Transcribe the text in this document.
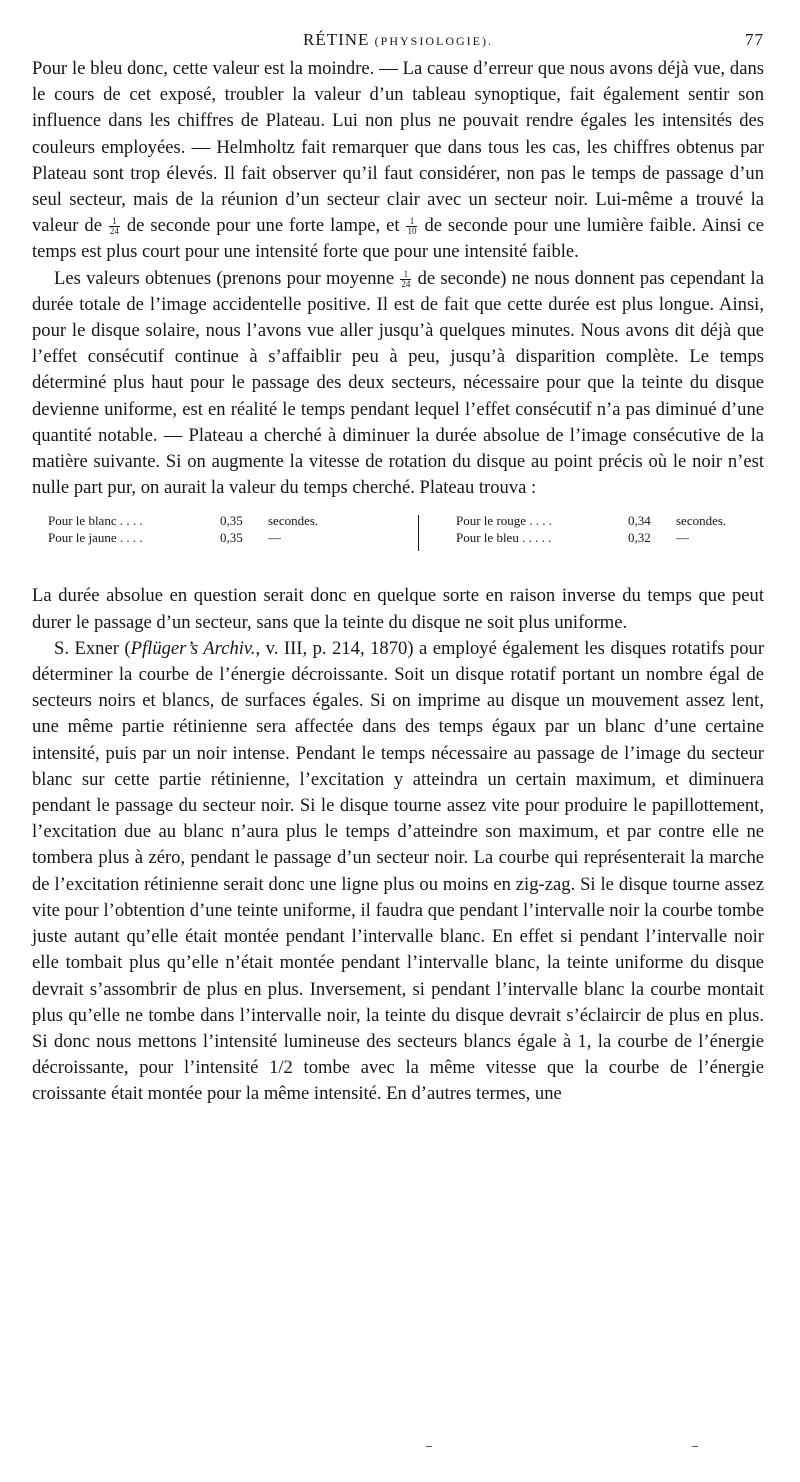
RÉTINE (PHYSIOLOGIE).	77

Pour le bleu donc, cette valeur est la moindre. — La cause d’erreur que nous avons déjà vue, dans le cours de cet exposé, troubler la valeur d’un tableau synoptique, fait également sentir son influence dans les chiffres de Plateau. Lui non plus ne pouvait rendre égales les intensités des couleurs employées. — Helmholtz fait remarquer que dans tous les cas, les chiffres obtenus par Plateau sont trop élevés. Il fait observer qu’il faut considérer, non pas le temps de passage d’un seul secteur, mais de la réunion d’un secteur clair avec un secteur noir. Lui-même a trouvé la valeur de $\frac{1}{24}$ de seconde pour une forte lampe, et $\frac{1}{10}$ de seconde pour une lumière faible. Ainsi ce temps est plus court pour une intensité forte que pour une intensité faible.

Les valeurs obtenues (prenons pour moyenne $\frac{1}{24}$ de seconde) ne nous donnent pas cependant la durée totale de l’image accidentelle positive. Il est de fait que cette durée est plus longue. Ainsi, pour le disque solaire, nous l’avons vue aller jusqu’à quelques minutes. Nous avons dit déjà que l’effet consécutif continue à s’affaiblir peu à peu, jusqu’à disparition complète. Le temps déterminé plus haut pour le passage des deux secteurs, nécessaire pour que la teinte du disque devienne uniforme, est en réalité le temps pendant lequel l’effet consécutif n’a pas diminué d’une quantité notable. — Plateau a cherché à diminuer la durée absolue de l’image consécutive de la matière suivante. Si on augmente la vitesse de rotation du disque au point précis où le noir n’est nulle part pur, on aurait la valeur du temps cherché. Plateau trouva :

Pour le blanc . . . .	0,35 secondes.
Pour le jaune . . . .	0,35 —
Pour le rouge . . . .	0,34 secondes.
Pour le bleu . . . . .	0,32 —

La durée absolue en question serait donc en quelque sorte en raison inverse du temps que peut durer le passage d’un secteur, sans que la teinte du disque ne soit plus uniforme.

S. Exner (Pflüger’s Archiv., v. III, p. 214, 1870) a employé également les disques rotatifs pour déterminer la courbe de l’énergie décroissante. Soit un disque rotatif portant un nombre égal de secteurs noirs et blancs, de surfaces égales. Si on imprime au disque un mouvement assez lent, une même partie rétinienne sera affectée dans des temps égaux par un blanc d’une certaine intensité, puis par un noir intense. Pendant le temps nécessaire au passage de l’image du secteur blanc sur cette partie rétinienne, l’excitation y atteindra un certain maximum, et diminuera pendant le passage du secteur noir. Si le disque tourne assez vite pour produire le papillottement, l’excitation due au blanc n’aura plus le temps d’atteindre son maximum, et par contre elle ne tombera plus à zéro, pendant le passage d’un secteur noir. La courbe qui représenterait la marche de l’excitation rétinienne serait donc une ligne plus ou moins en zig-zag. Si le disque tourne assez vite pour l’obtention d’une teinte uniforme, il faudra que pendant l’intervalle noir la courbe tombe juste autant qu’elle était montée pendant l’intervalle blanc. En effet si pendant l’intervalle noir elle tombait plus qu’elle n’était montée pendant l’intervalle blanc, la teinte uniforme du disque devrait s’assombrir de plus en plus. Inversement, si pendant l’intervalle blanc la courbe montait plus qu’elle ne tombe dans l’intervalle noir, la teinte du disque devrait s’éclaircir de plus en plus. Si donc nous mettons l’intensité lumineuse des secteurs blancs égale à 1, la courbe de l’énergie décroissante, pour l’intensité 1/2 tombe avec la même vitesse que la courbe de l’énergie croissante était montée pour la même intensité. En d’autres termes, une
